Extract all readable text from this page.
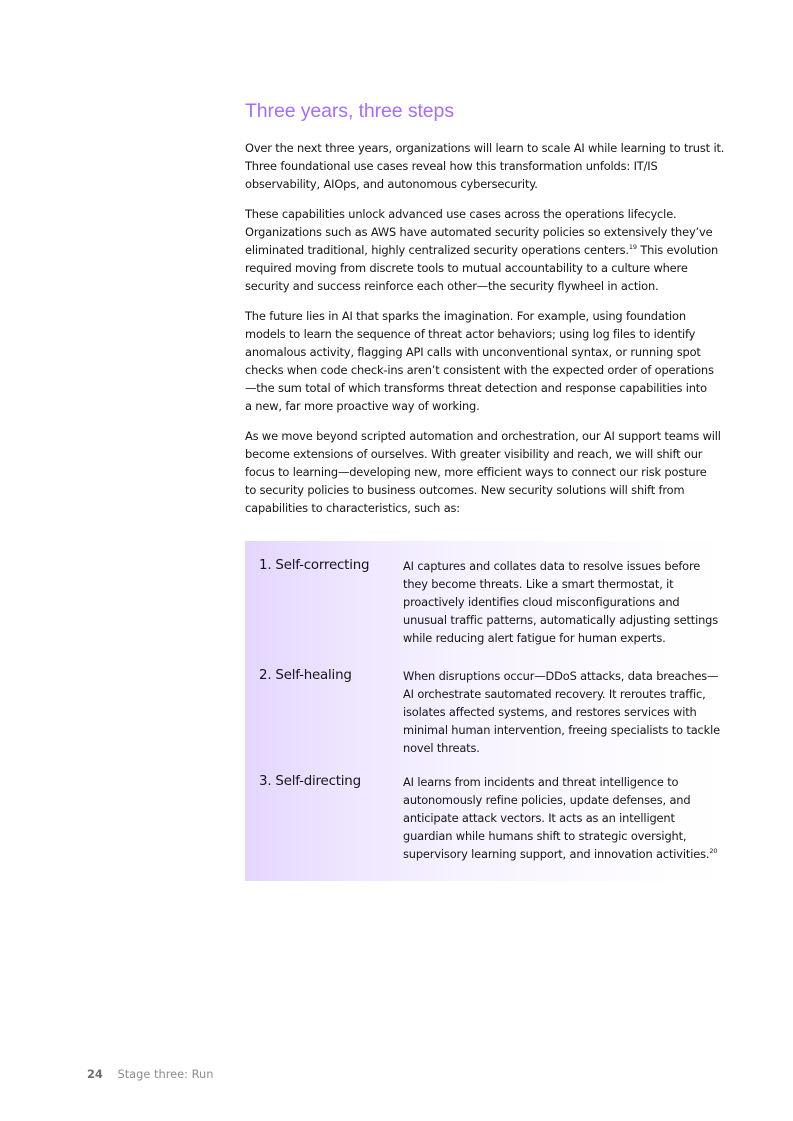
Three years, three steps

Over the next three years, organizations will learn to scale AI while learning to trust it.
Three foundational use cases reveal how this transformation unfolds: IT/IS
observability, AIOps, and autonomous cybersecurity.

These capabilities unlock advanced use cases across the operations lifecycle.
Organizations such as AWS have automated security policies so extensively they’ve
eliminated traditional, highly centralized security operations centers.$^{19}$ This evolution
required moving from discrete tools to mutual accountability to a culture where
security and success reinforce each other—the security flywheel in action.

The future lies in AI that sparks the imagination. For example, using foundation
models to learn the sequence of threat actor behaviors; using log files to identify
anomalous activity, flagging API calls with unconventional syntax, or running spot
checks when code check-ins aren’t consistent with the expected order of operations
—the sum total of which transforms threat detection and response capabilities into
a new, far more proactive way of working.

As we move beyond scripted automation and orchestration, our AI support teams will
become extensions of ourselves. With greater visibility and reach, we will shift our
focus to learning—developing new, more efficient ways to connect our risk posture
to security policies to business outcomes. New security solutions will shift from
capabilities to characteristics, such as:

1. Self-correcting	AI captures and collates data to resolve issues before
they become threats. Like a smart thermostat, it
proactively identifies cloud misconfigurations and
unusual traffic patterns, automatically adjusting settings
while reducing alert fatigue for human experts.
2. Self-healing	When disruptions occur—DDoS attacks, data breaches—
AI orchestrate sautomated recovery. It reroutes traffic,
isolates affected systems, and restores services with
minimal human intervention, freeing specialists to tackle
novel threats.
3. Self-directing	AI learns from incidents and threat intelligence to
autonomously refine policies, update defenses, and
anticipate attack vectors. It acts as an intelligent
guardian while humans shift to strategic oversight,
supervisory learning support, and innovation activities.$^{20}$
24 Stage three: Run
